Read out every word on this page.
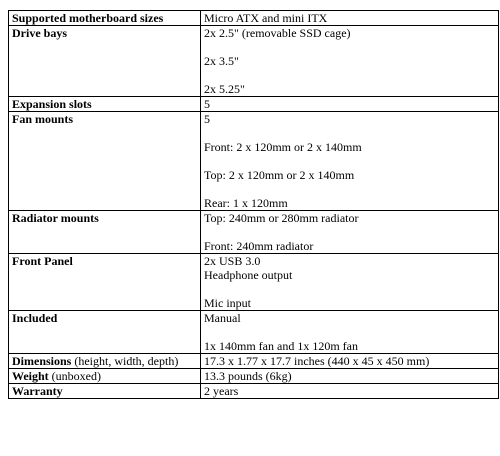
Supported motherboard sizes	Micro ATX and mini ITX

Drive bays	2x 2.5" (removable SSD cage)
2x 3.5"
2x 5.25"

Expansion slots	5

Fan mounts	5
Front: 2 x 120mm or 2 x 140mm
Top: 2 x 120mm or 2 x 140mm
Rear: 1 x 120mm

Radiator mounts	Top: 240mm or 280mm radiator
Front: 240mm radiator

Front Panel	2x USB 3.0
Headphone output
Mic input

Included	Manual
1x 140mm fan and 1x 120m fan

Dimensions (height, width, depth)	17.3 x 1.77 x 17.7 inches (440 x 45 x 450 mm)

Weight (unboxed)	13.3 pounds (6kg)

Warranty	2 years
